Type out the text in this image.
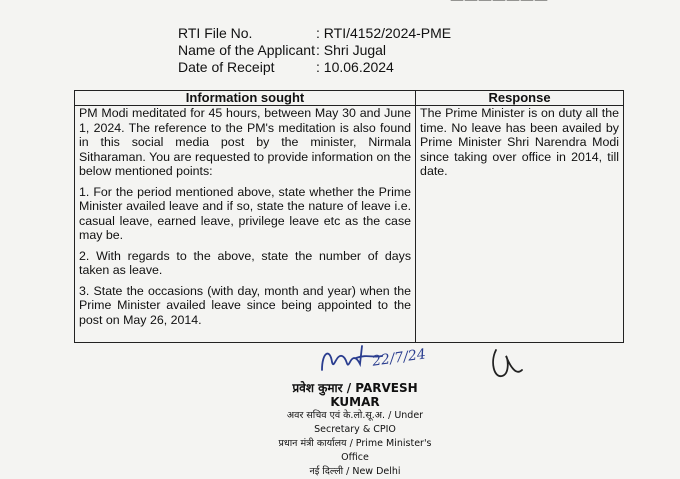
———————
RTI File No.	: RTI/4152/2024-PME
Name of the Applicant : Shri Jugal
Date of Receipt	: 10.06.2024
Information sought	Response

PM Modi meditated for 45 hours, between May 30 and June 1, 2024. The reference to the PM's meditation is also found in this social media post by the minister, Nirmala Sitharaman. You are requested to provide information on the below mentioned points:

1. For the period mentioned above, state whether the Prime Minister availed leave and if so, state the nature of leave i.e. casual leave, earned leave, privilege leave etc as the case may be.

2. With regards to the above, state the number of days taken as leave.

3. State the occasions (with day, month and year) when the Prime Minister availed leave since being appointed to the post on May 26, 2014.	The Prime Minister is on duty all the time. No leave has been availed by Prime Minister Shri Narendra Modi since taking over office in 2014, till date.

22/7/24
प्रवेश कुमार / PARVESH KUMAR
अवर सचिव एवं के.लो.सू.अ. / Under Secretary & CPIO
प्रधान मंत्री कार्यालय / Prime Minister's Office
नई दिल्ली / New Delhi
